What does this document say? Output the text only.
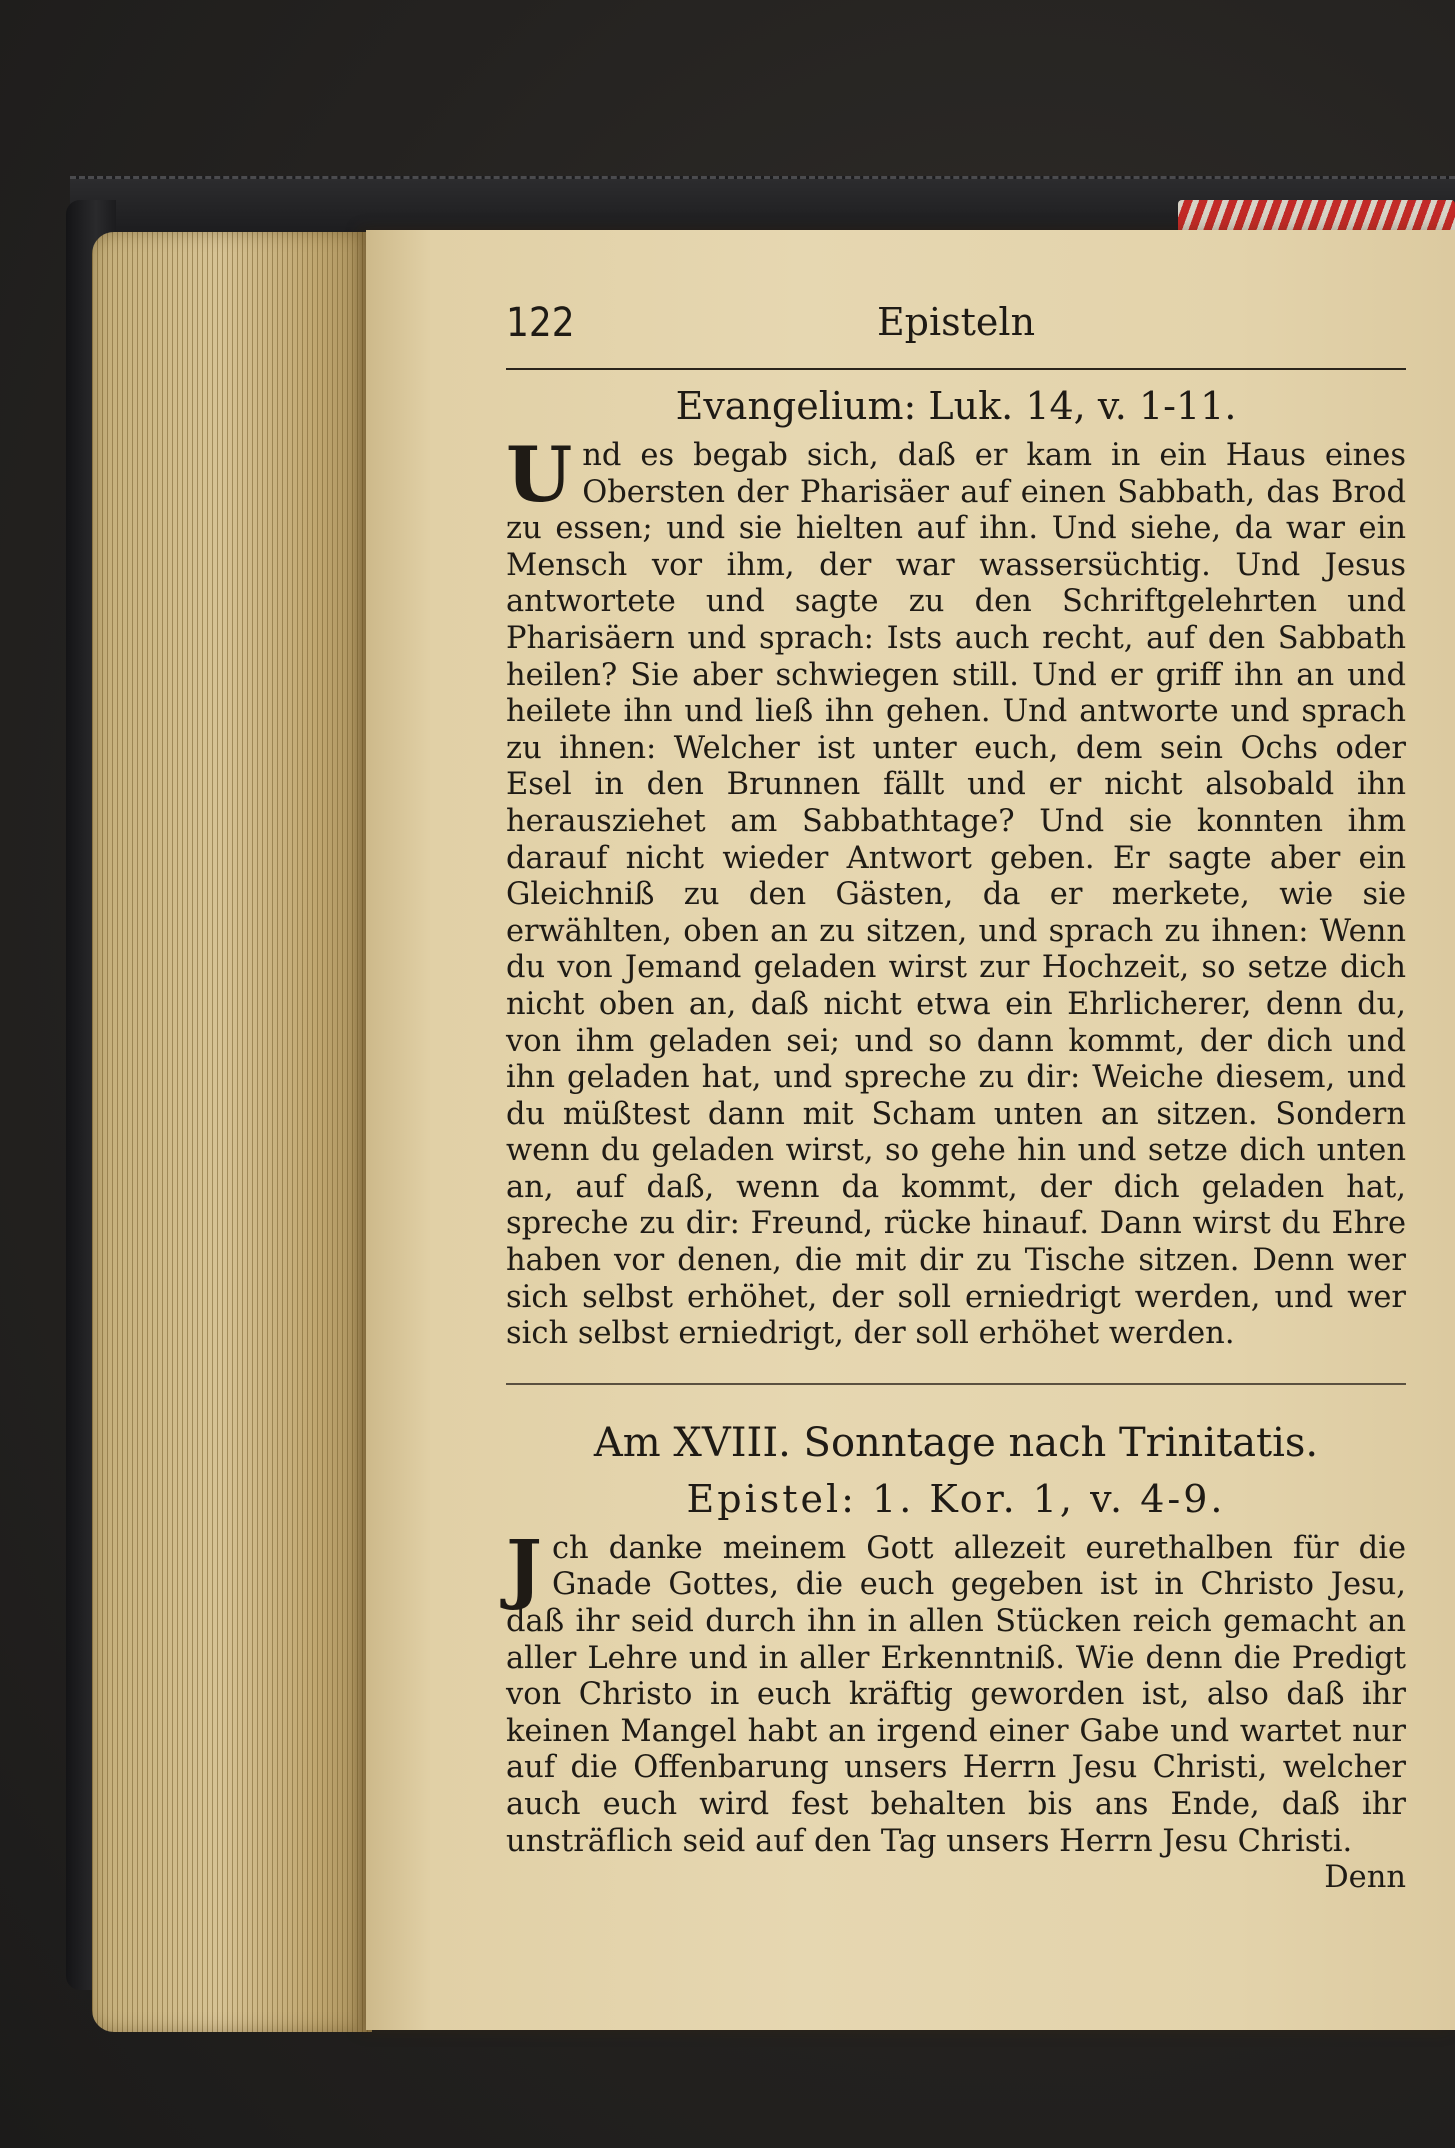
122	Episteln
Evangelium: Luk. 14, v. 1-11.

Und es begab sich, daß er kam in ein Haus eines Obersten der Pharisäer auf einen Sabbath, das Brod zu essen; und sie hielten auf ihn. Und siehe, da war ein Mensch vor ihm, der war wassersüchtig. Und Jesus antwortete und sagte zu den Schriftgelehrten und Pharisäern und sprach: Ists auch recht, auf den Sabbath heilen? Sie aber schwiegen still. Und er griff ihn an und heilete ihn und ließ ihn gehen. Und antworte und sprach zu ihnen: Welcher ist unter euch, dem sein Ochs oder Esel in den Brunnen fällt und er nicht alsobald ihn herausziehet am Sabbathtage? Und sie konnten ihm darauf nicht wieder Antwort geben. Er sagte aber ein Gleichniß zu den Gästen, da er merkete, wie sie erwählten, oben an zu sitzen, und sprach zu ihnen: Wenn du von Jemand geladen wirst zur Hochzeit, so setze dich nicht oben an, daß nicht etwa ein Ehrlicherer, denn du, von ihm geladen sei; und so dann kommt, der dich und ihn geladen hat, und spreche zu dir: Weiche diesem, und du müßtest dann mit Scham unten an sitzen. Sondern wenn du geladen wirst, so gehe hin und setze dich unten an, auf daß, wenn da kommt, der dich geladen hat, spreche zu dir: Freund, rücke hinauf. Dann wirst du Ehre haben vor denen, die mit dir zu Tische sitzen. Denn wer sich selbst erhöhet, der soll erniedrigt werden, und wer sich selbst erniedrigt, der soll erhöhet werden.

Am XVIII. Sonntage nach Trinitatis.
Epistel: 1. Kor. 1, v. 4-9.

Jch danke meinem Gott allezeit eurethalben für die Gnade Gottes, die euch gegeben ist in Christo Jesu, daß ihr seid durch ihn in allen Stücken reich gemacht an aller Lehre und in aller Erkenntniß. Wie denn die Predigt von Christo in euch kräftig geworden ist, also daß ihr keinen Mangel habt an irgend einer Gabe und wartet nur auf die Offenbarung unsers Herrn Jesu Christi, welcher auch euch wird fest behalten bis ans Ende, daß ihr unsträflich seid auf den Tag unsers Herrn Jesu Christi.

Denn
